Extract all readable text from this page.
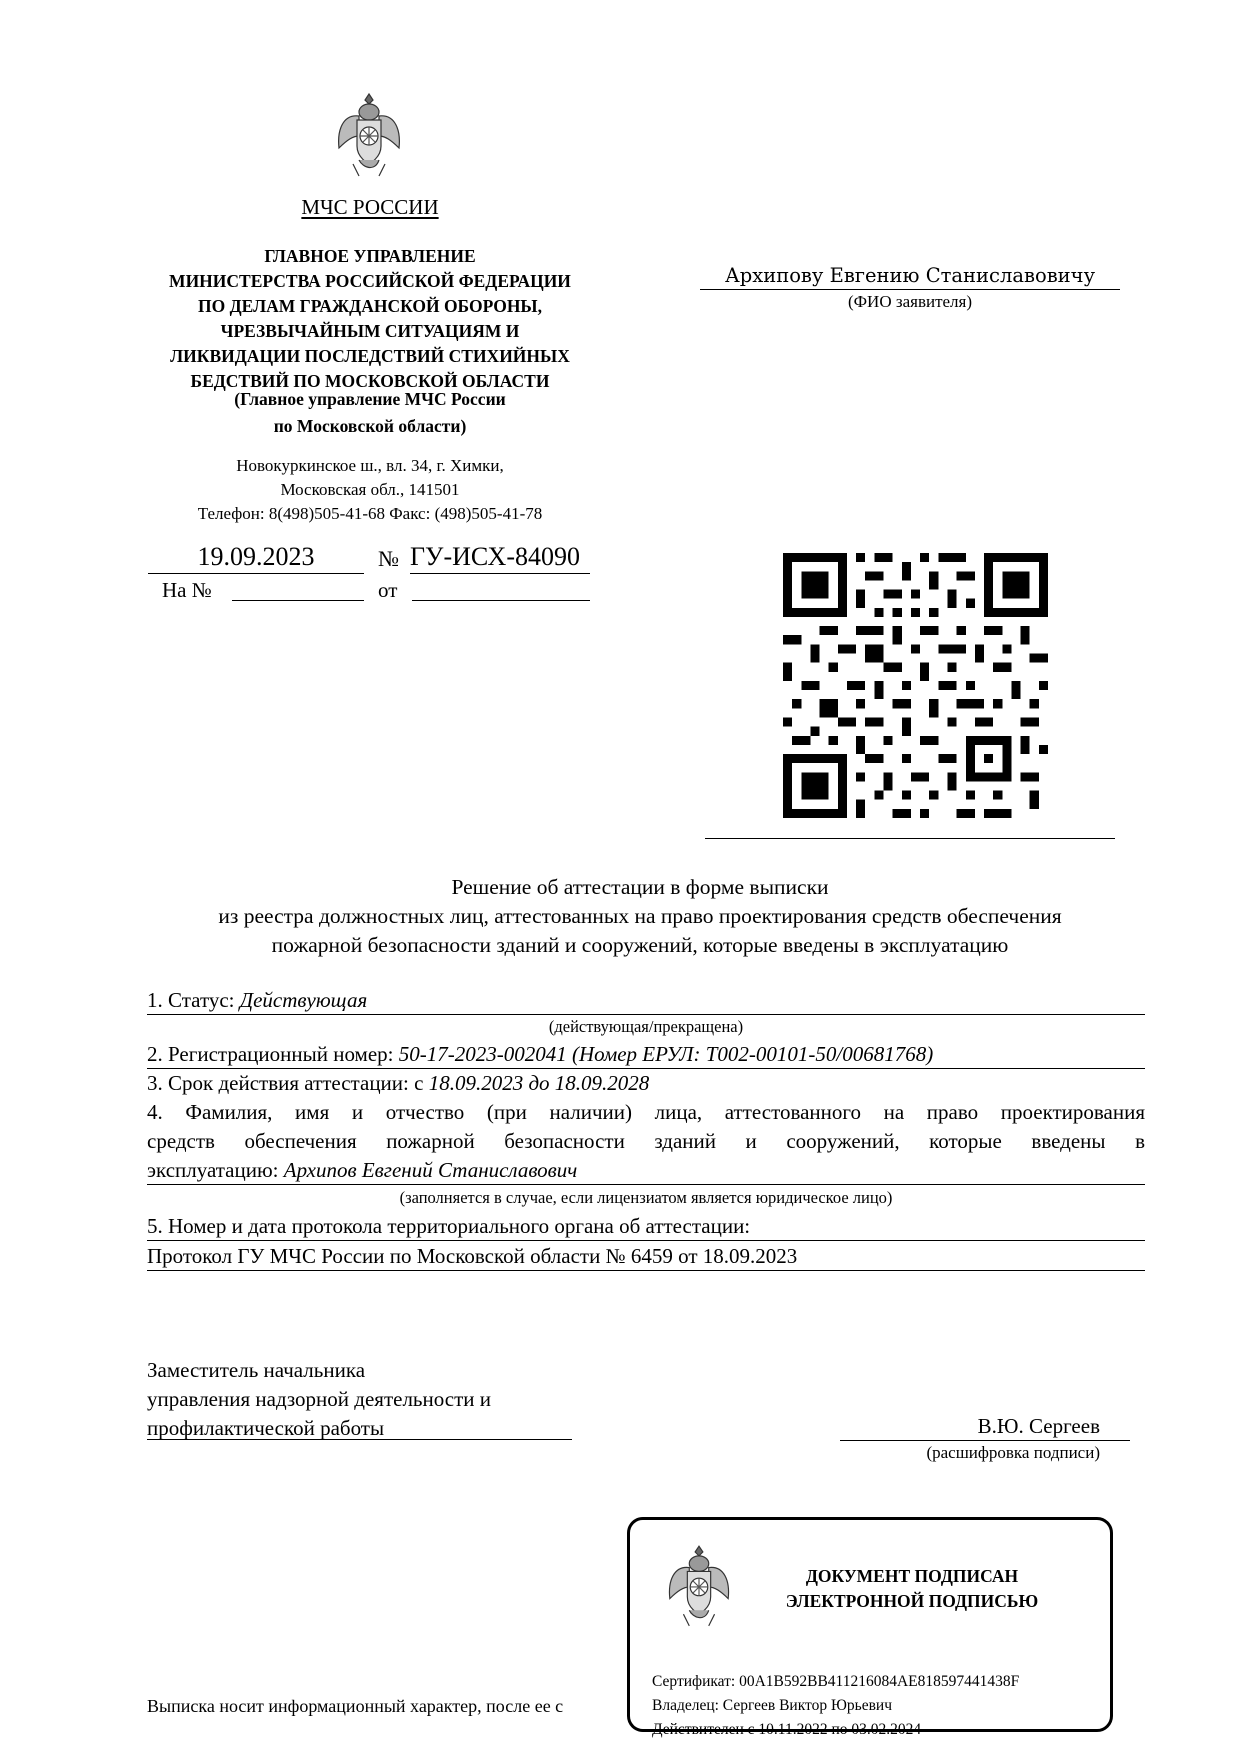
МЧС РОССИИ
ГЛАВНОЕ УПРАВЛЕНИЕ
МИНИСТЕРСТВА РОССИЙСКОЙ ФЕДЕРАЦИИ
ПО ДЕЛАМ ГРАЖДАНСКОЙ ОБОРОНЫ,
ЧРЕЗВЫЧАЙНЫМ СИТУАЦИЯМ И
ЛИКВИДАЦИИ ПОСЛЕДСТВИЙ СТИХИЙНЫХ
БЕДСТВИЙ ПО МОСКОВСКОЙ ОБЛАСТИ
(Главное управление МЧС России
по Московской области)
Новокуркинское ш., вл. 34, г. Химки,
Московская обл., 141501
Телефон: 8(498)505-41-68 Факс: (498)505-41-78
Архипову Евгению Станиславовичу
(ФИО заявителя)
19.09.2023	№ ГУ-ИСХ-84090
На №	от
Решение об аттестации в форме выписки
из реестра должностных лиц, аттестованных на право проектирования средств обеспечения
пожарной безопасности зданий и сооружений, которые введены в эксплуатацию
1. Статус: Действующая
(действующая/прекращена)
2. Регистрационный номер: 50-17-2023-002041 (Номер ЕРУЛ: T002-00101-50/00681768)
3. Срок действия аттестации: с 18.09.2023 до 18.09.2028
4. Фамилия, имя и отчество (при наличии) лица, аттестованного на право проектирования
средств обеспечения пожарной безопасности зданий и сооружений, которые введены в
эксплуатацию: Архипов Евгений Станиславович
(заполняется в случае, если лицензиатом является юридическое лицо)
5. Номер и дата протокола территориального органа об аттестации:
Протокол ГУ МЧС России по Московской области № 6459 от 18.09.2023
Заместитель начальника
управления надзорной деятельности и
профилактической работы	В.Ю. Сергеев
(расшифровка подписи)
Выписка носит информационный характер, после ее с
ДОКУМЕНТ ПОДПИСАН
ЭЛЕКТРОННОЙ ПОДПИСЬЮ
Сертификат: 00A1B592BB411216084AE818597441438F
Владелец: Сергеев Виктор Юрьевич
Действителен с 10.11.2022 по 03.02.2024
